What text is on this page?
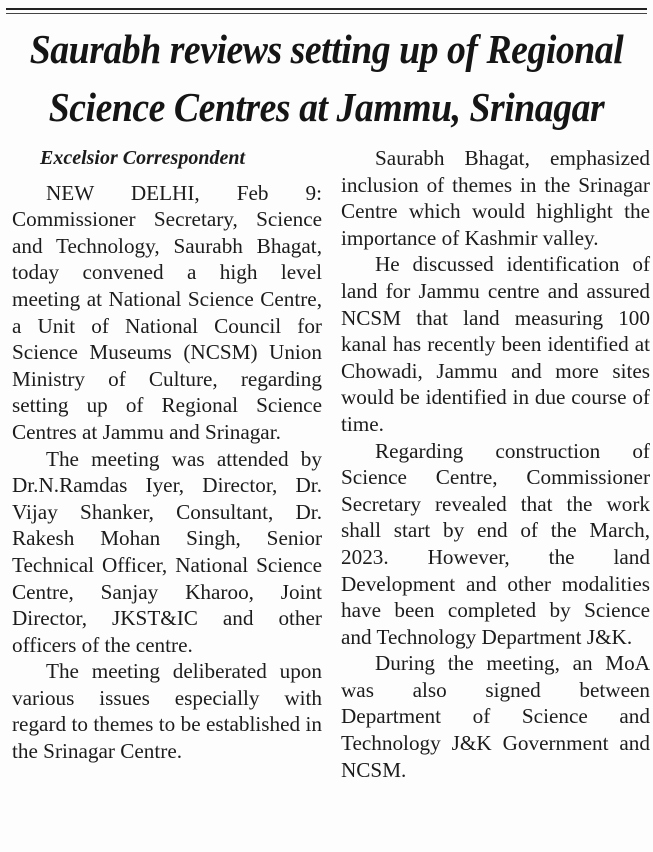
Saurabh reviews setting up of Regional
Science Centres at Jammu, Srinagar
Excelsior Correspondent

NEW DELHI, Feb 9: Commissioner Secretary, Science and Technology, Saurabh Bhagat, today convened a high level meeting at National Science Centre, a Unit of National Council for Science Museums (NCSM) Union Ministry of Culture, regarding setting up of Regional Science Centres at Jammu and Srinagar.

The meeting was attended by Dr.N.Ramdas Iyer, Director, Dr. Vijay Shanker, Consultant, Dr. Rakesh Mohan Singh, Senior Technical Officer, National Science Centre, Sanjay Kharoo, Joint Director, JKST&IC and other officers of the centre.

The meeting deliberated upon various issues especially with regard to themes to be established in the Srinagar Centre.

Saurabh Bhagat, emphasized inclusion of themes in the Srinagar Centre which would highlight the importance of Kashmir valley.

He discussed identification of land for Jammu centre and assured NCSM that land measuring 100 kanal has recently been identified at Chowadi, Jammu and more sites would be identified in due course of time.

Regarding construction of Science Centre, Commissioner Secretary revealed that the work shall start by end of the March, 2023. However, the land Development and other modalities have been completed by Science and Technology Department J&K.

During the meeting, an MoA was also signed between Department of Science and Technology J&K Government and NCSM.
